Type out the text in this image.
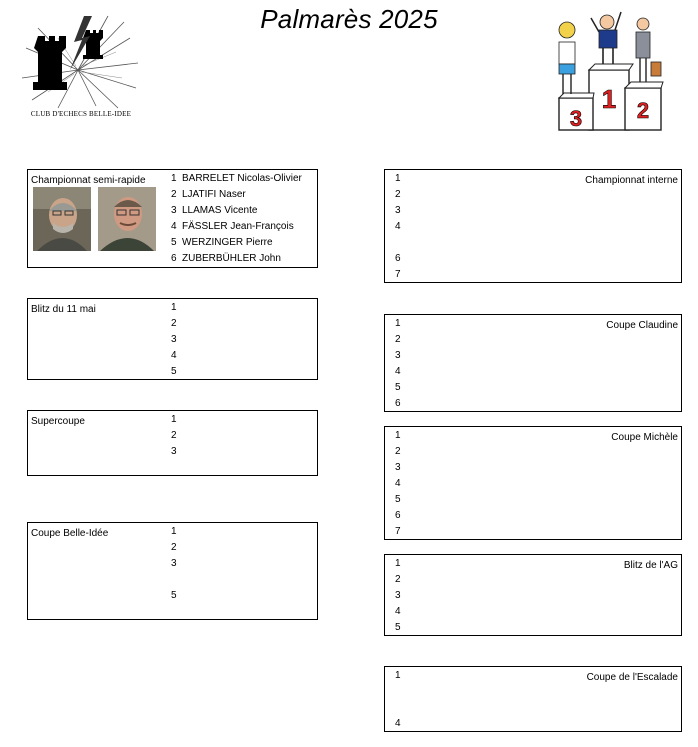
Palmarès 2025
CLUB D'ECHECS BELLE-IDEE	1 2
3
Championnat semi-rapide	1 BARRELET Nicolas-Olivier
2 LJATIFI Naser
3 LLAMAS Vicente
4 FÄSSLER Jean-François
5 WERZINGER Pierre
6 ZUBERBÜHLER John
Blitz du 11 mai	1
2
3
4
5
Supercoupe	1
2
3
Coupe Belle-Idée	1
2
3
5
Championnat interne
1
2
3
4
6
7
Coupe Claudine
1
2
3
4
5
6
Coupe Michèle
1
2
3
4
5
6
7
Blitz de l'AG
1
2
3
4
5
Coupe de l'Escalade
1
4
